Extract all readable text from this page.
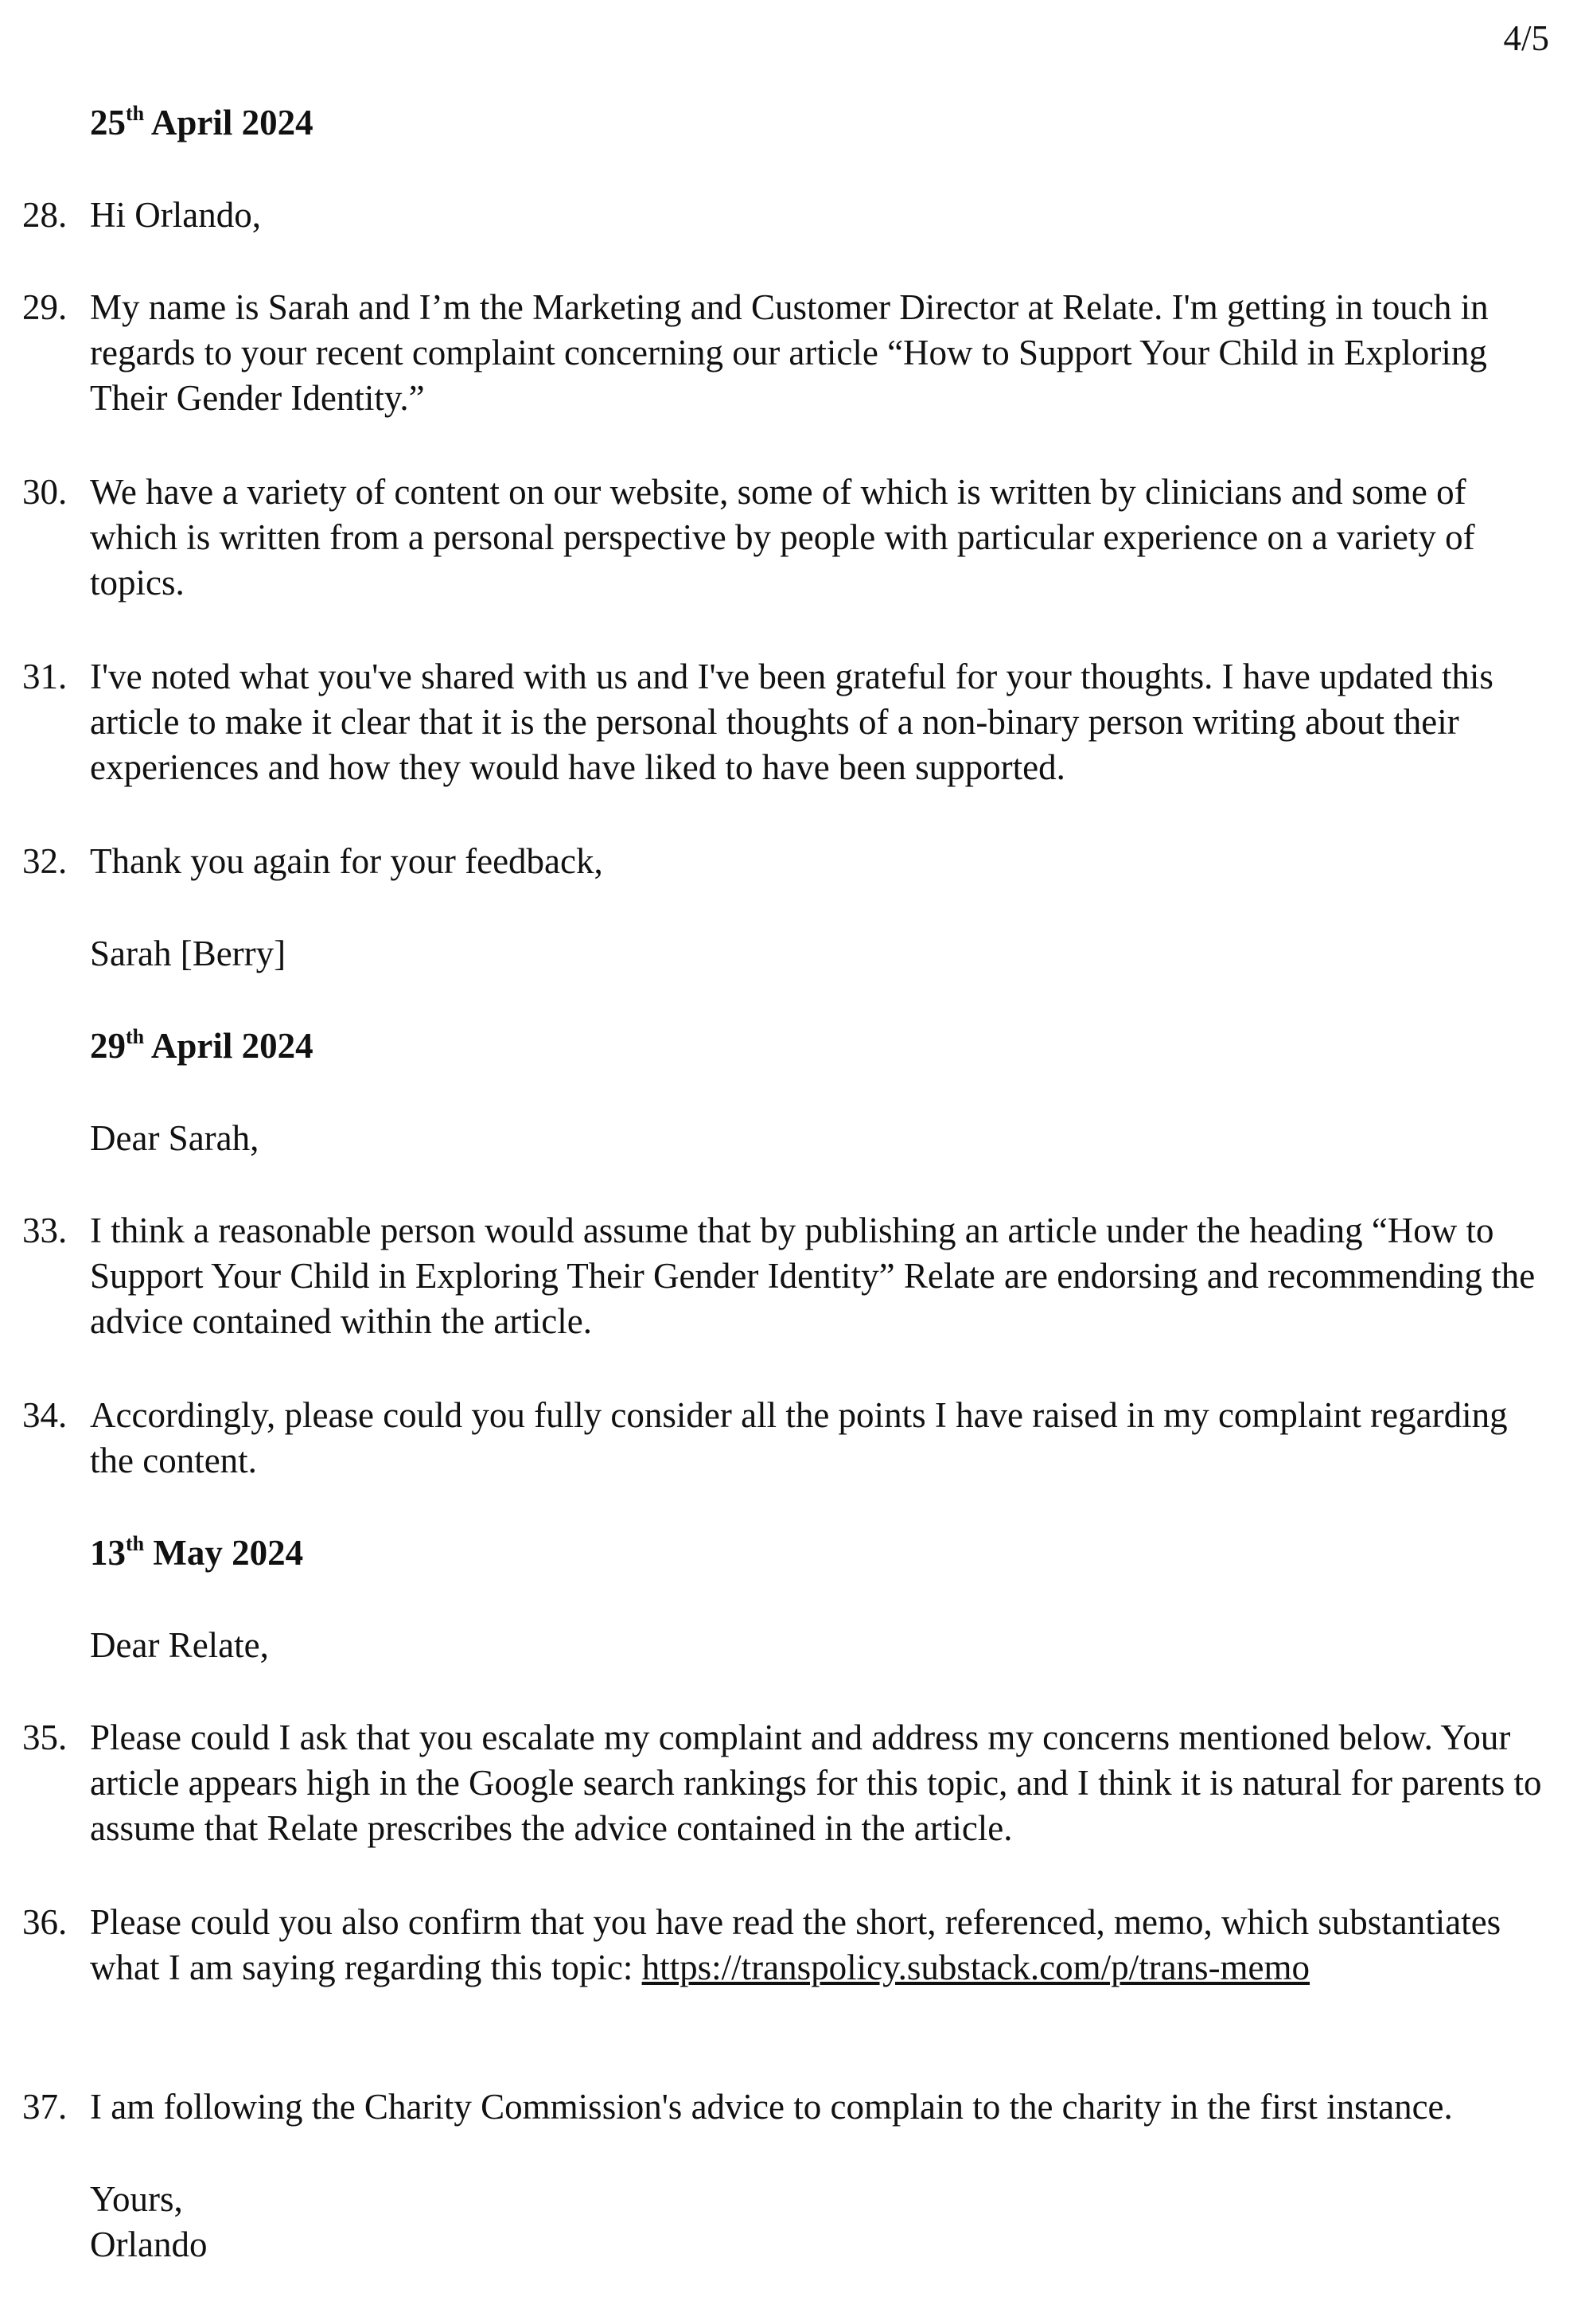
4/5
25th April 2024
28. Hi Orlando,
29. My name is Sarah and I’m the Marketing and Customer Director at Relate. I'm getting in touch in regards to your recent complaint concerning our article “How to Support Your Child in Exploring Their Gender Identity.”
30. We have a variety of content on our website, some of which is written by clinicians and some of which is written from a personal perspective by people with particular experience on a variety of topics.
31. I've noted what you've shared with us and I've been grateful for your thoughts. I have updated this article to make it clear that it is the personal thoughts of a non-binary person writing about their experiences and how they would have liked to have been supported.
32. Thank you again for your feedback,
Sarah [Berry]
29th April 2024
Dear Sarah,
33. I think a reasonable person would assume that by publishing an article under the heading “How to Support Your Child in Exploring Their Gender Identity” Relate are endorsing and recommending the advice contained within the article.
34. Accordingly, please could you fully consider all the points I have raised in my complaint regarding the content.
13th May 2024
Dear Relate,
35. Please could I ask that you escalate my complaint and address my concerns mentioned below. Your article appears high in the Google search rankings for this topic, and I think it is natural for parents to assume that Relate prescribes the advice contained in the article.
36. Please could you also confirm that you have read the short, referenced, memo, which substantiates what I am saying regarding this topic: https://transpolicy.substack.com/p/trans-memo
37. I am following the Charity Commission's advice to complain to the charity in the first instance.
Yours,
Orlando
